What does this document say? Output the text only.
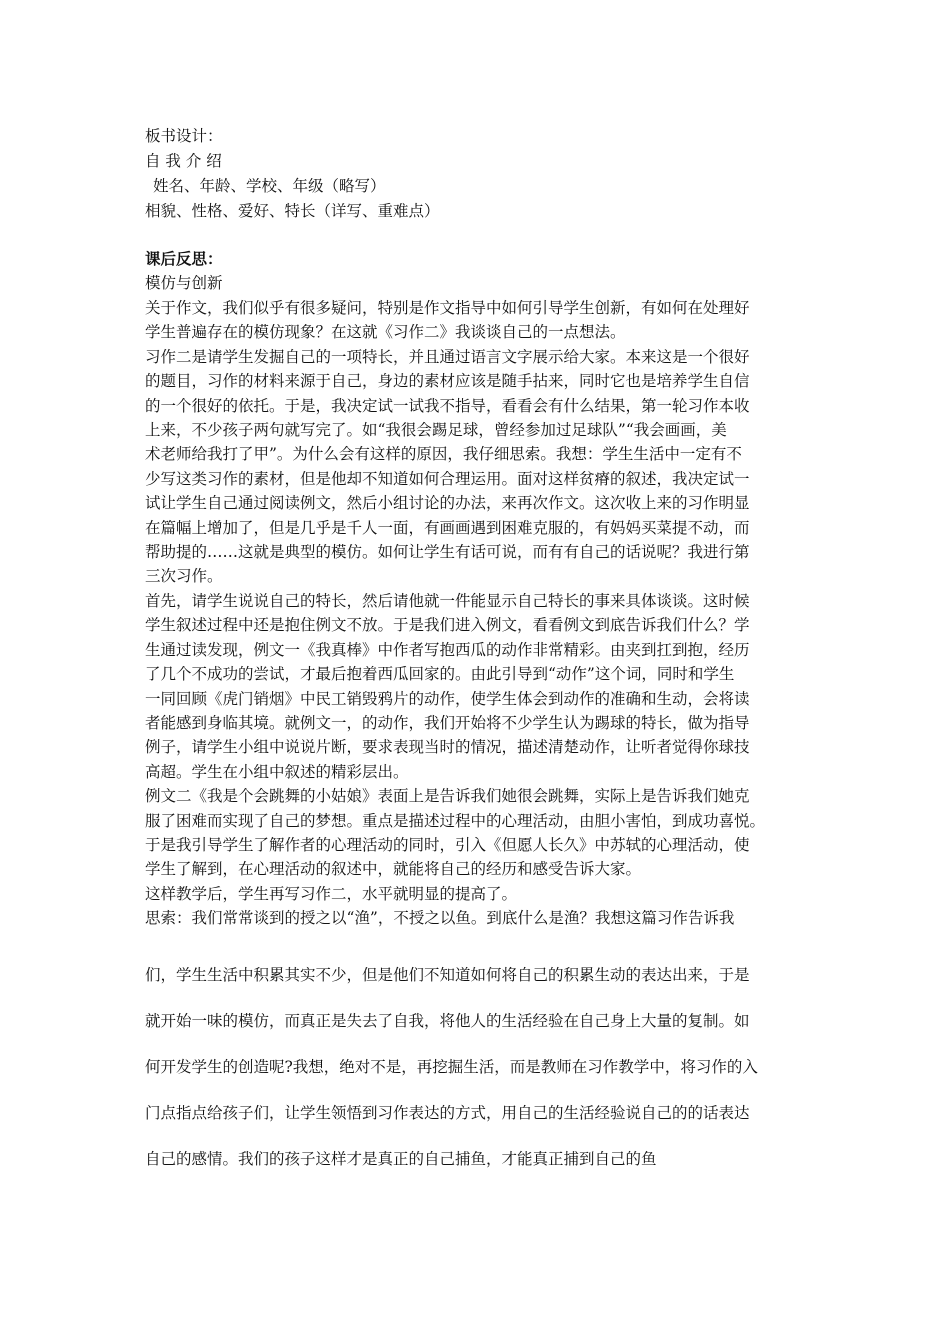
板书设计：
自 我 介 绍
姓名、年龄、学校、年级（略写）
相貌、性格、爱好、特长（详写、重难点）
课后反思：
模仿与创新
关于作文，我们似乎有很多疑问，特别是作文指导中如何引导学生创新，有如何在处理好
学生普遍存在的模仿现象？在这就《习作二》我谈谈自己的一点想法。
习作二是请学生发掘自己的一项特长，并且通过语言文字展示给大家。本来这是一个很好
的题目，习作的材料来源于自己，身边的素材应该是随手拈来，同时它也是培养学生自信
的一个很好的依托。于是，我决定试一试我不指导，看看会有什么结果，第一轮习作本收
上来，不少孩子两句就写完了。如“我很会踢足球，曾经参加过足球队”“我会画画，美
术老师给我打了甲”。为什么会有这样的原因，我仔细思索。我想：学生生活中一定有不
少写这类习作的素材，但是他却不知道如何合理运用。面对这样贫瘠的叙述，我决定试一
试让学生自己通过阅读例文，然后小组讨论的办法，来再次作文。这次收上来的习作明显
在篇幅上增加了，但是几乎是千人一面，有画画遇到困难克服的，有妈妈买菜提不动，而
帮助提的……这就是典型的模仿。如何让学生有话可说，而有有自己的话说呢？我进行第
三次习作。
首先，请学生说说自己的特长，然后请他就一件能显示自己特长的事来具体谈谈。这时候
学生叙述过程中还是抱住例文不放。于是我们进入例文，看看例文到底告诉我们什么？学
生通过读发现，例文一《我真棒》中作者写抱西瓜的动作非常精彩。由夹到扛到抱，经历
了几个不成功的尝试，才最后抱着西瓜回家的。由此引导到“动作”这个词，同时和学生
一同回顾《虎门销烟》中民工销毁鸦片的动作，使学生体会到动作的准确和生动，会将读
者能感到身临其境。就例文一，的动作，我们开始将不少学生认为踢球的特长，做为指导
例子，请学生小组中说说片断，要求表现当时的情况，描述清楚动作，让听者觉得你球技
高超。学生在小组中叙述的精彩层出。
例文二《我是个会跳舞的小姑娘》表面上是告诉我们她很会跳舞，实际上是告诉我们她克
服了困难而实现了自己的梦想。重点是描述过程中的心理活动，由胆小害怕，到成功喜悦。
于是我引导学生了解作者的心理活动的同时，引入《但愿人长久》中苏轼的心理活动，使
学生了解到，在心理活动的叙述中，就能将自己的经历和感受告诉大家。
这样教学后，学生再写习作二，水平就明显的提高了。
思索：我们常常谈到的授之以“渔”，不授之以鱼。到底什么是渔？我想这篇习作告诉我
们，学生生活中积累其实不少，但是他们不知道如何将自己的积累生动的表达出来，于是
就开始一味的模仿，而真正是失去了自我，将他人的生活经验在自己身上大量的复制。如
何开发学生的创造呢?我想，绝对不是，再挖掘生活，而是教师在习作教学中，将习作的入
门点指点给孩子们，让学生领悟到习作表达的方式，用自己的生活经验说自己的的话表达
自己的感情。我们的孩子这样才是真正的自己捕鱼，才能真正捕到自己的鱼
